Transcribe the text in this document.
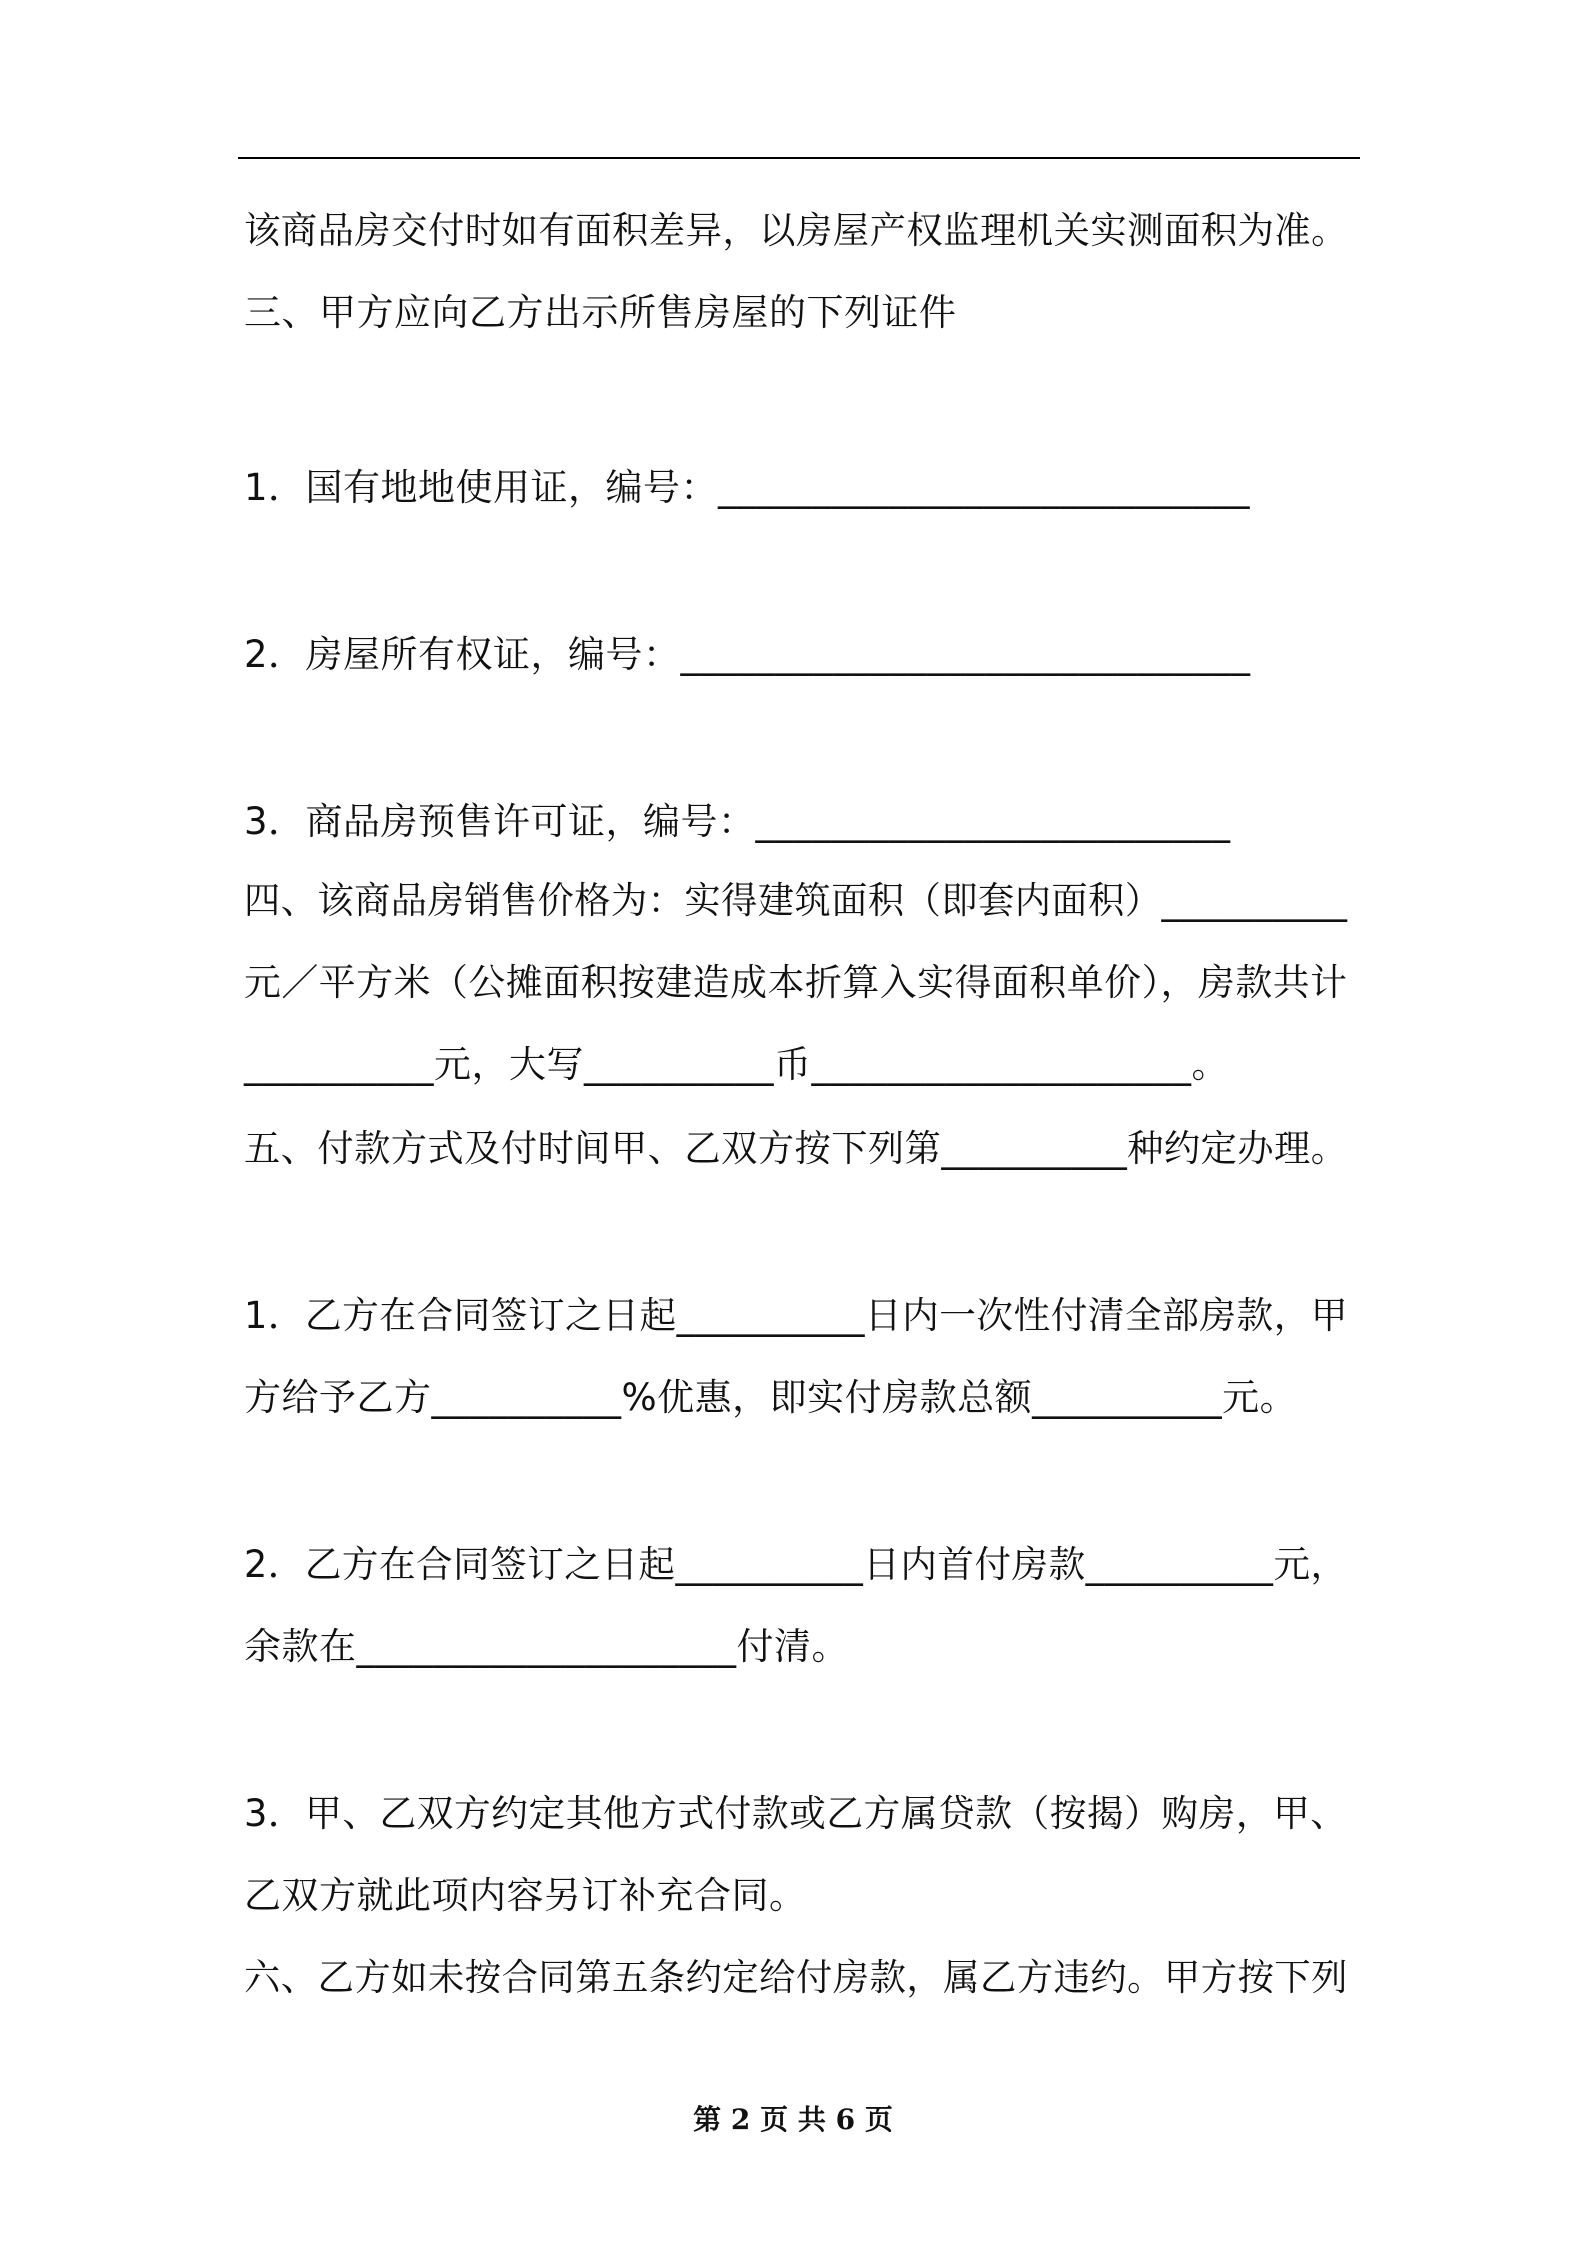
该商品房交付时如有面积差异，以房屋产权监理机关实测面积为准。
三、甲方应向乙方出示所售房屋的下列证件
1．国有地地使用证，编号：____________________________
2．房屋所有权证，编号：______________________________
3．商品房预售许可证，编号：_________________________
四、该商品房销售价格为：实得建筑面积（即套内面积）__________
元／平方米（公摊面积按建造成本折算入实得面积单价），房款共计
__________元，大写__________币____________________。
五、付款方式及付时间甲、乙双方按下列第__________种约定办理。
1．乙方在合同签订之日起__________日内一次性付清全部房款，甲
方给予乙方__________%优惠，即实付房款总额__________元。
2．乙方在合同签订之日起__________日内首付房款__________元，
余款在____________________付清。
3．甲、乙双方约定其他方式付款或乙方属贷款（按揭）购房，甲、
乙双方就此项内容另订补充合同。
六、乙方如未按合同第五条约定给付房款，属乙方违约。甲方按下列
第 2 页 共 6 页
